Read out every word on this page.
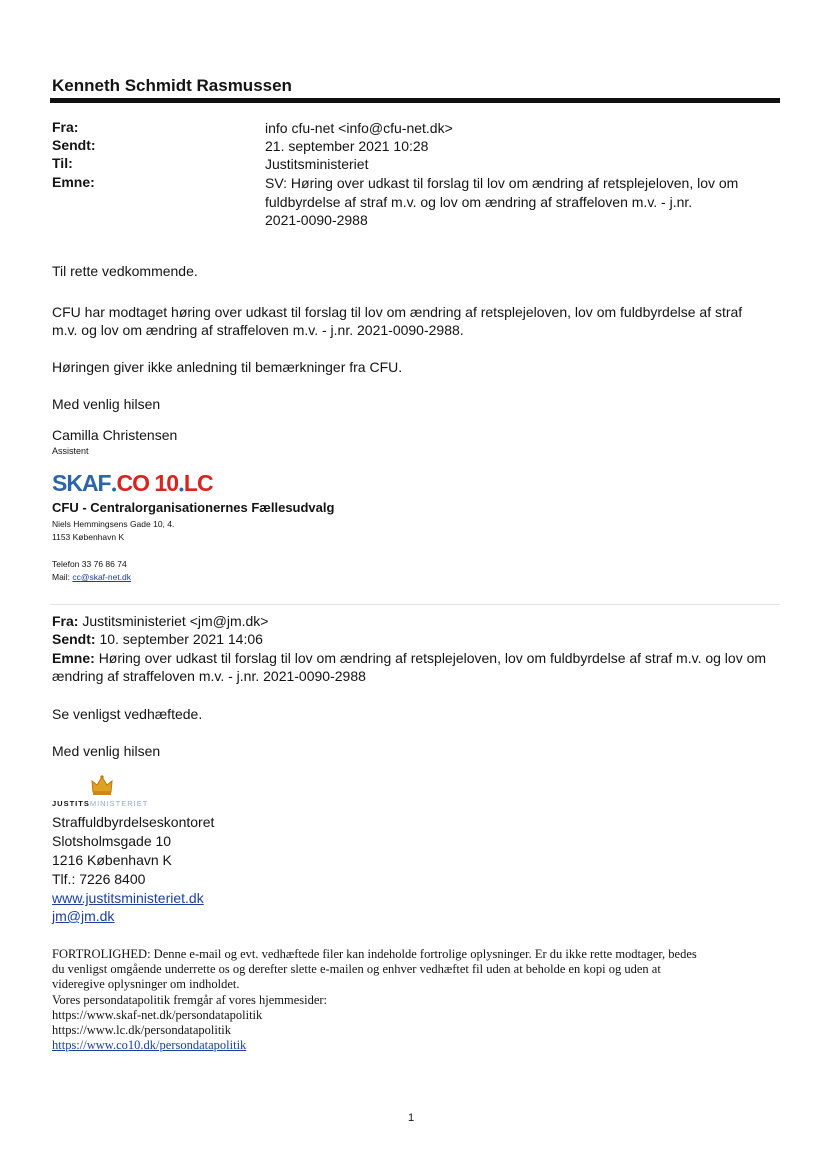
Kenneth Schmidt Rasmussen
Fra:	info cfu-net <info@cfu-net.dk>
Sendt:	21. september 2021 10:28
Til:	Justitsministeriet
Emne:	SV: Høring over udkast til forslag til lov om ændring af retsplejeloven, lov om
fuldbyrdelse af straf m.v. og lov om ændring af straffeloven m.v. - j.nr.
2021-0090-2988
Til rette vedkommende.
CFU har modtaget høring over udkast til forslag til lov om ændring af retsplejeloven, lov om fuldbyrdelse af straf
m.v. og lov om ændring af straffeloven m.v. - j.nr. 2021-0090-2988.
Høringen giver ikke anledning til bemærkninger fra CFU.
Med venlig hilsen
Camilla Christensen
Assistent
SKAF • CO 10 • LC
CFU - Centralorganisationernes Fællesudvalg
Niels Hemmingsens Gade 10, 4.
1153 København K
Telefon 33 76 86 74
Mail: cc@skaf-net.dk
Fra: Justitsministeriet <jm@jm.dk>
Sendt: 10. september 2021 14:06
Emne: Høring over udkast til forslag til lov om ændring af retsplejeloven, lov om fuldbyrdelse af straf m.v. og lov om
ændring af straffeloven m.v. - j.nr. 2021-0090-2988
Se venligst vedhæftede.
Med venlig hilsen
JUSTITSMINISTERIET
Straffuldbyrdelseskontoret
Slotsholmsgade 10
1216 København K
Tlf.: 7226 8400
www.justitsministeriet.dk
jm@jm.dk
FORTROLIGHED: Denne e-mail og evt. vedhæftede filer kan indeholde fortrolige oplysninger. Er du ikke rette modtager, bedes
du venligst omgående underrette os og derefter slette e-mailen og enhver vedhæftet fil uden at beholde en kopi og uden at
videregive oplysninger om indholdet.
Vores persondatapolitik fremgår af vores hjemmesider:
https://www.skaf-net.dk/persondatapolitik
https://www.lc.dk/persondatapolitik
https://www.co10.dk/persondatapolitik
1
